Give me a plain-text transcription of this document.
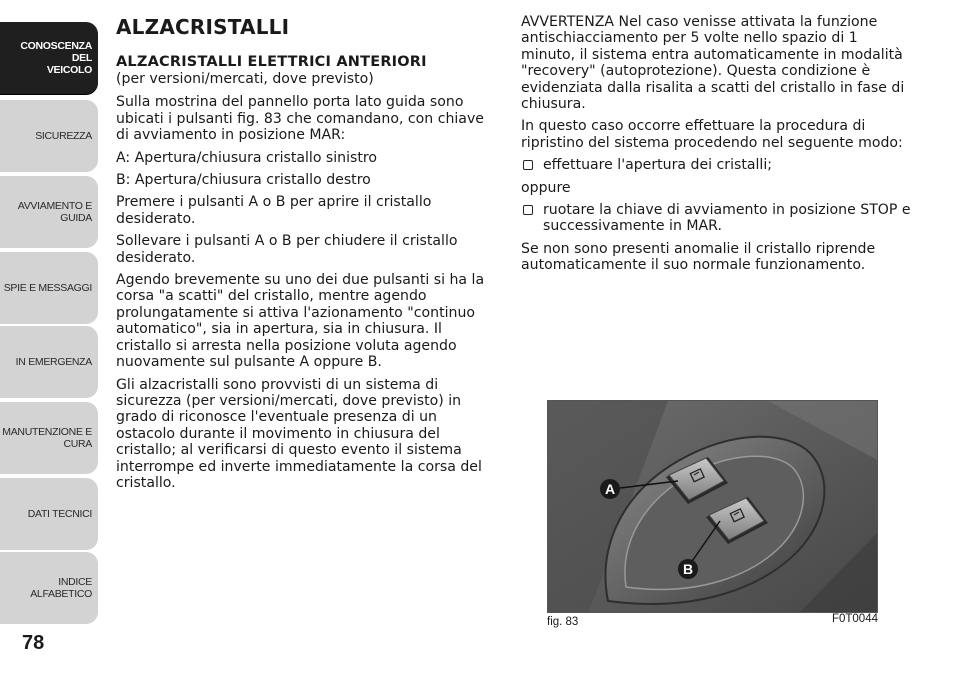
CONOSCENZA DEL
VEICOLO
SICUREZZA
AVVIAMENTO E
GUIDA
SPIE E MESSAGGI
IN EMERGENZA
MANUTENZIONE E
CURA
DATI TECNICI
INDICE ALFABETICO
78
ALZACRISTALLI
ALZACRISTALLI ELETTRICI ANTERIORI
(per versioni/mercati, dove previsto)
Sulla mostrina del pannello porta lato guida sono ubicati i pulsanti fig. 83 che comandano, con chiave di avviamento in posizione MAR:
A: Apertura/chiusura cristallo sinistro
B: Apertura/chiusura cristallo destro
Premere i pulsanti A o B per aprire il cristallo desiderato.
Sollevare i pulsanti A o B per chiudere il cristallo desiderato.
Agendo brevemente su uno dei due pulsanti si ha la corsa "a scatti" del cristallo, mentre agendo prolungatamente si attiva l'azionamento "continuo automatico", sia in apertura, sia in chiusura. Il cristallo si arresta nella posizione voluta agendo nuovamente sul pulsante A oppure B.
Gli alzacristalli sono provvisti di un sistema di sicurezza (per versioni/mercati, dove previsto) in grado di riconosce l'eventuale presenza di un ostacolo durante il movimento in chiusura del cristallo; al verificarsi di questo evento il sistema interrompe ed inverte immediatamente la corsa del cristallo.
AVVERTENZA Nel caso venisse attivata la funzione antischiacciamento per 5 volte nello spazio di 1 minuto, il sistema entra automaticamente in modalità "recovery" (autoprotezione). Questa condizione è evidenziata dalla risalita a scatti del cristallo in fase di chiusura.
In questo caso occorre effettuare la procedura di ripristino del sistema procedendo nel seguente modo:
effettuare l'apertura dei cristalli;
oppure
ruotare la chiave di avviamento in posizione STOP e successivamente in MAR.
Se non sono presenti anomalie il cristallo riprende automaticamente il suo normale funzionamento.
A
B
fig. 83	F0T0044
